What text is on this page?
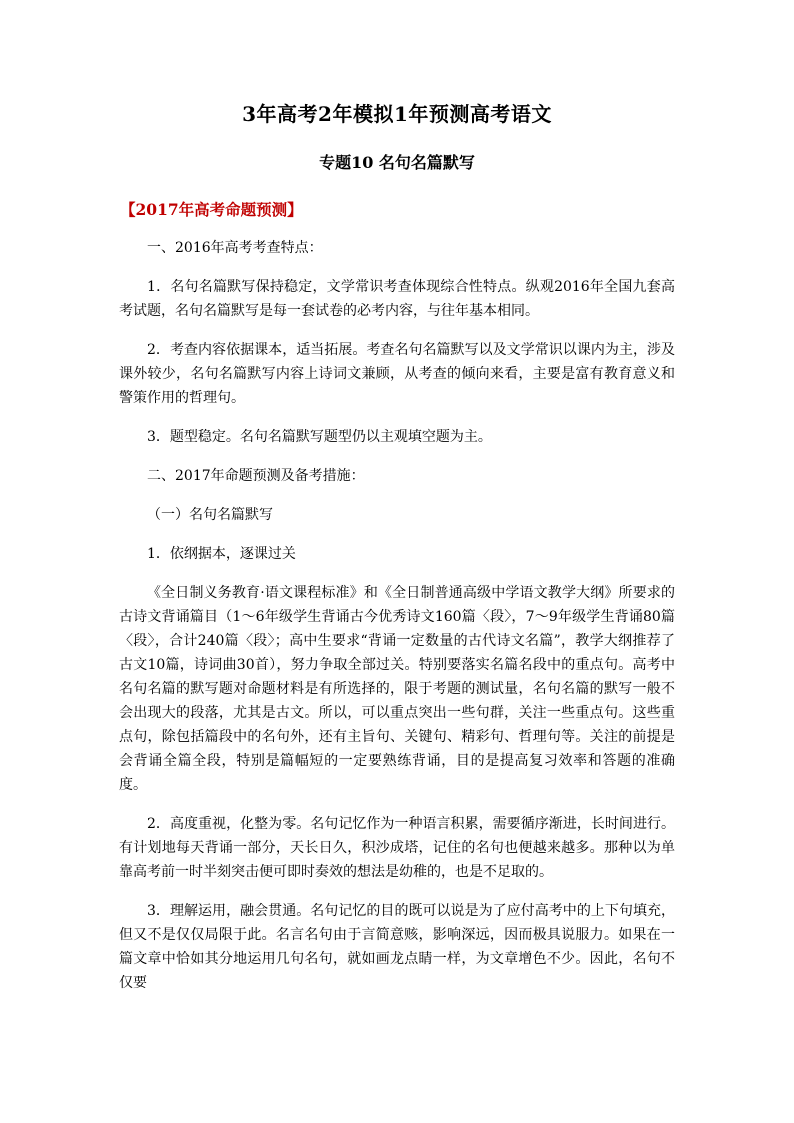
3年高考2年模拟1年预测高考语文
专题10 名句名篇默写
【2017年高考命题预测】

一、2016年高考考查特点：

1．名句名篇默写保持稳定，文学常识考查体现综合性特点。纵观2016年全国九套高考试题，名句名篇默写是每一套试卷的必考内容，与往年基本相同。

2．考查内容依据课本，适当拓展。考查名句名篇默写以及文学常识以课内为主，涉及课外较少，名句名篇默写内容上诗词文兼顾，从考查的倾向来看，主要是富有教育意义和警策作用的哲理句。

3．题型稳定。名句名篇默写题型仍以主观填空题为主。

二、2017年命题预测及备考措施：

（一）名句名篇默写

1．依纲据本，逐课过关

《全日制义务教育·语文课程标准》和《全日制普通高级中学语文教学大纲》所要求的古诗文背诵篇目（1～6年级学生背诵古今优秀诗文160篇〈段〉，7～9年级学生背诵80篇〈段〉，合计240篇〈段〉；高中生要求“背诵一定数量的古代诗文名篇”，教学大纲推荐了古文10篇，诗词曲30首），努力争取全部过关。特别要落实名篇名段中的重点句。高考中名句名篇的默写题对命题材料是有所选择的，限于考题的测试量，名句名篇的默写一般不会出现大的段落，尤其是古文。所以，可以重点突出一些句群，关注一些重点句。这些重点句，除包括篇段中的名句外，还有主旨句、关键句、精彩句、哲理句等。关注的前提是会背诵全篇全段，特别是篇幅短的一定要熟练背诵，目的是提高复习效率和答题的准确度。

2．高度重视，化整为零。名句记忆作为一种语言积累，需要循序渐进，长时间进行。有计划地每天背诵一部分，天长日久，积沙成塔，记住的名句也便越来越多。那种以为单靠高考前一时半刻突击便可即时奏效的想法是幼稚的，也是不足取的。

3．理解运用，融会贯通。名句记忆的目的既可以说是为了应付高考中的上下句填充，但又不是仅仅局限于此。名言名句由于言简意赅，影响深远，因而极具说服力。如果在一篇文章中恰如其分地运用几句名句，就如画龙点睛一样，为文章增色不少。因此，名句不仅要
